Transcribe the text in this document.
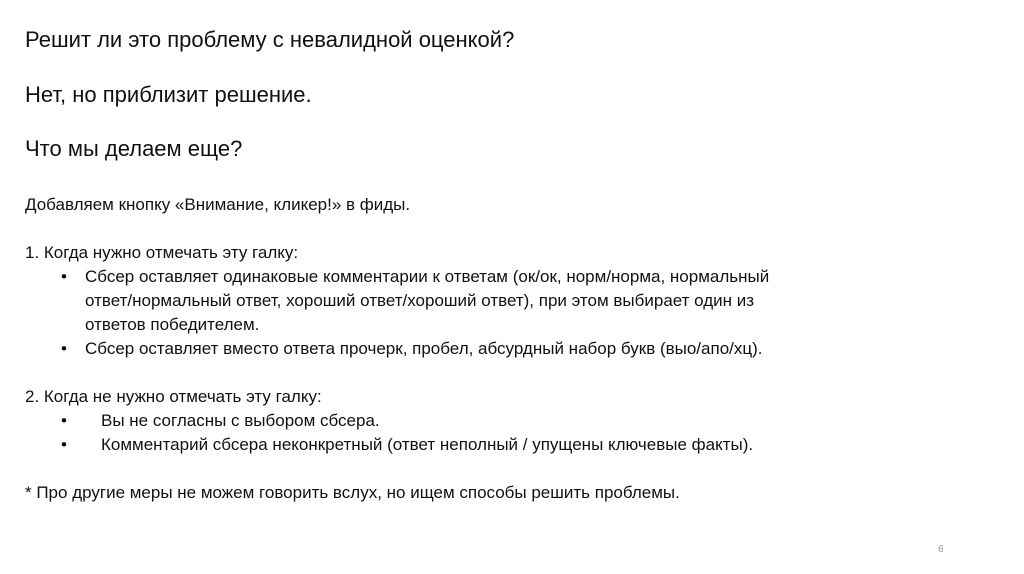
Решит ли это проблему с невалидной оценкой?
Нет, но приблизит решение.
Что мы делаем еще?

Добавляем кнопку «Внимание, кликер!» в фиды.

1. Когда нужно отмечать эту галку:

• Сбсер оставляет одинаковые комментарии к ответам (ок/ок, норм/норма, нормальный
ответ/нормальный ответ, хороший ответ/хороший ответ), при этом выбирает один из
ответов победителем.
• Сбсер оставляет вместо ответа прочерк, пробел, абсурдный набор букв (выо/апо/хц).

2. Когда не нужно отмечать эту галку:

• Вы не согласны с выбором сбсера.
• Комментарий сбсера неконкретный (ответ неполный / упущены ключевые факты).

* Про другие меры не можем говорить вслух, но ищем способы решить проблемы.

6
